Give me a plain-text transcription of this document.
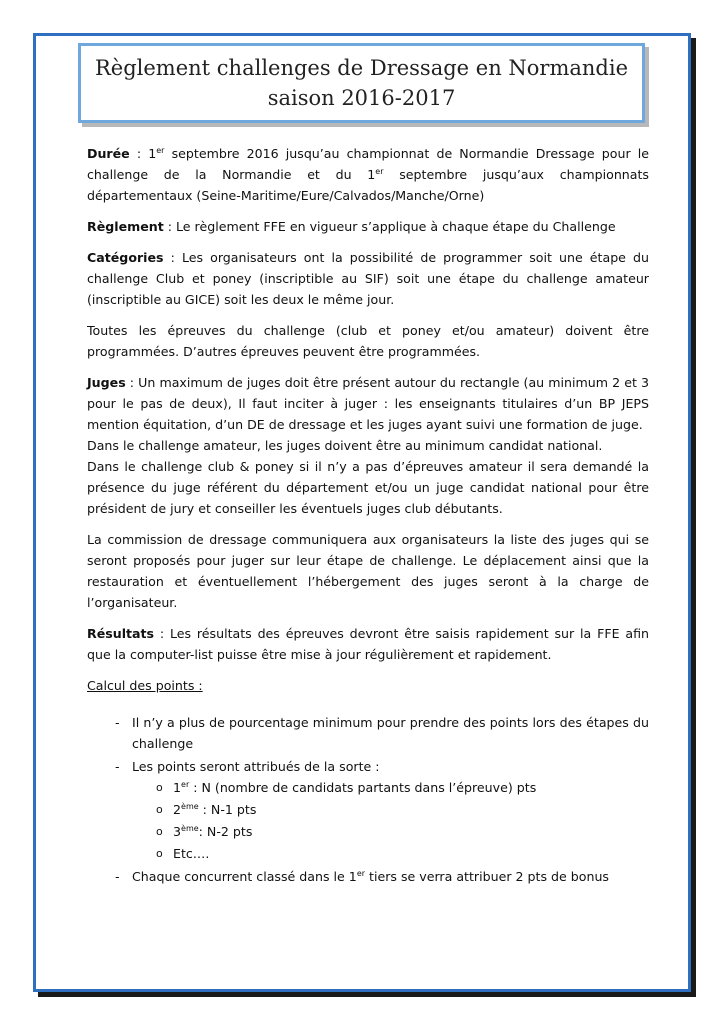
Règlement challenges de Dressage en Normandie
saison 2016-2017

Durée : 1er septembre 2016 jusqu’au championnat de Normandie Dressage pour le challenge de la Normandie et du 1er septembre jusqu’aux championnats départementaux (Seine-Maritime/Eure/Calvados/Manche/Orne)

Règlement : Le règlement FFE en vigueur s’applique à chaque étape du Challenge

Catégories : Les organisateurs ont la possibilité de programmer soit une étape du challenge Club et poney (inscriptible au SIF) soit une étape du challenge amateur (inscriptible au GICE) soit les deux le même jour.

Toutes les épreuves du challenge (club et poney et/ou amateur) doivent être programmées. D’autres épreuves peuvent être programmées.

Juges : Un maximum de juges doit être présent autour du rectangle (au minimum 2 et 3 pour le pas de deux), Il faut inciter à juger : les enseignants titulaires d’un BP JEPS mention équitation, d’un DE de dressage et les juges ayant suivi une formation de juge.

Dans le challenge amateur, les juges doivent être au minimum candidat national.

Dans le challenge club & poney si il n’y a pas d’épreuves amateur il sera demandé la présence du juge référent du département et/ou un juge candidat national pour être président de jury et conseiller les éventuels juges club débutants.

La commission de dressage communiquera aux organisateurs la liste des juges qui se seront proposés pour juger sur leur étape de challenge. Le déplacement ainsi que la restauration et éventuellement l’hébergement des juges seront à la charge de l’organisateur.

Résultats : Les résultats des épreuves devront être saisis rapidement sur la FFE afin que la computer-list puisse être mise à jour régulièrement et rapidement.

Calcul des points :

- Il n’y a plus de pourcentage minimum pour prendre des points lors des étapes du challenge
- Les points seront attribués de la sorte :
o 1er : N (nombre de candidats partants dans l’épreuve) pts
o 2ème : N-1 pts
o 3ème: N-2 pts
o Etc.…
- Chaque concurrent classé dans le 1er tiers se verra attribuer 2 pts de bonus
